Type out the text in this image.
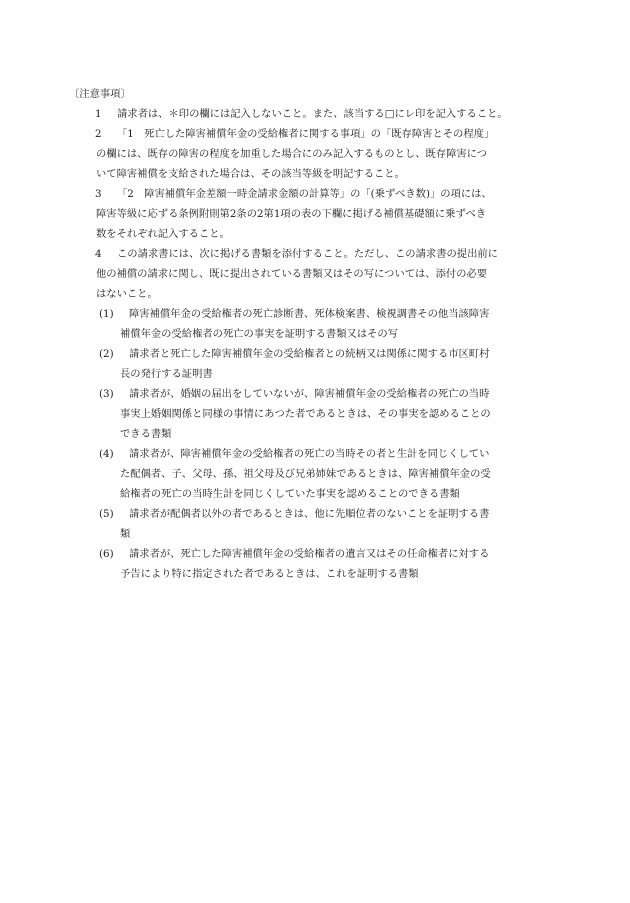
〔注意事項〕
1 請求者は、＊印の欄には記入しないこと。また、該当する□にレ印を記入すること。
2 「1　死亡した障害補償年金の受給権者に関する事項」の「既存障害とその程度」
の欄には、既存の障害の程度を加重した場合にのみ記入するものとし、既存障害につ
いて障害補償を支給された場合は、その該当等級を明記すること。
3 「2　障害補償年金差額一時金請求金額の計算等」の「(乗ずべき数)」の項には、
障害等級に応ずる条例附則第2条の2第1項の表の下欄に掲げる補償基礎額に乗ずべき
数をそれぞれ記入すること。
4 この請求書には、次に掲げる書類を添付すること。ただし、この請求書の提出前に
他の補償の請求に関し、既に提出されている書類又はその写については、添付の必要
はないこと。
(1) 障害補償年金の受給権者の死亡診断書、死体検案書、検視調書その他当該障害
補償年金の受給権者の死亡の事実を証明する書類又はその写
(2) 請求者と死亡した障害補償年金の受給権者との続柄又は関係に関する市区町村
長の発行する証明書
(3) 請求者が、婚姻の届出をしていないが、障害補償年金の受給権者の死亡の当時
事実上婚姻関係と同様の事情にあつた者であるときは、その事実を認めることの
できる書類
(4) 請求者が、障害補償年金の受給権者の死亡の当時その者と生計を同じくしてい
た配偶者、子、父母、孫、祖父母及び兄弟姉妹であるときは、障害補償年金の受
給権者の死亡の当時生計を同じくしていた事実を認めることのできる書類
(5) 請求者が配偶者以外の者であるときは、他に先順位者のないことを証明する書
類
(6) 請求者が、死亡した障害補償年金の受給権者の遺言又はその任命権者に対する
予告により特に指定された者であるときは、これを証明する書類
